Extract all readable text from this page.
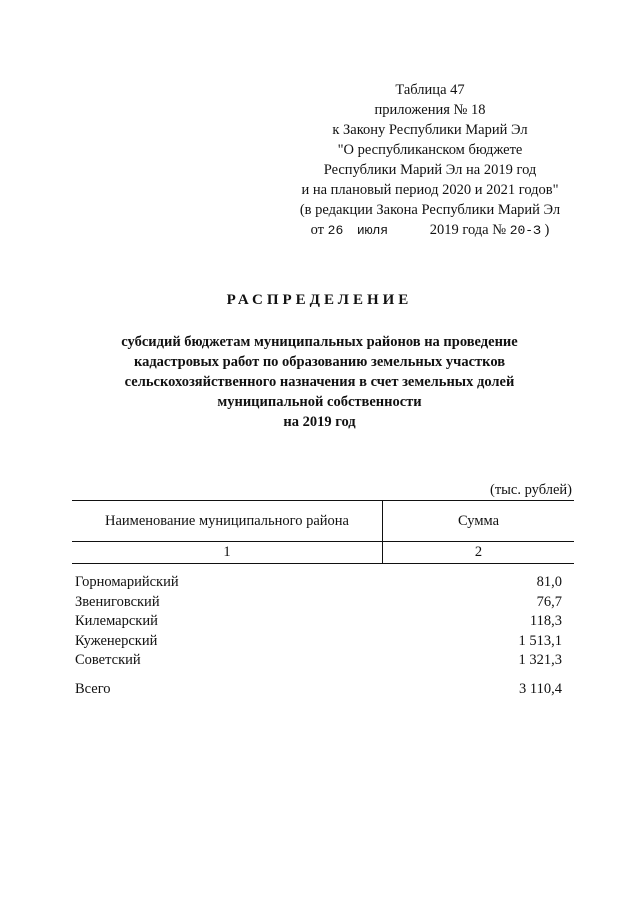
Таблица 47
приложения № 18
к Закону Республики Марий Эл
"О республиканском бюджете
Республики Марий Эл на 2019 год
и на плановый период 2020 и 2021 годов"
(в редакции Закона Республики Марий Эл
от 26 июля	2019 года № 20-З )
РАСПРЕДЕЛЕНИЕ
субсидий бюджетам муниципальных районов на проведение
кадастровых работ по образованию земельных участков
сельскохозяйственного назначения в счет земельных долей
муниципальной собственности
на 2019 год
(тыс. рублей)
Наименование муниципального района	Сумма
1	2
Горномарийский	81,0
Звениговский	76,7
Килемарский	118,3
Куженерский	1 513,1
Советский	1 321,3
Всего	3 110,4
